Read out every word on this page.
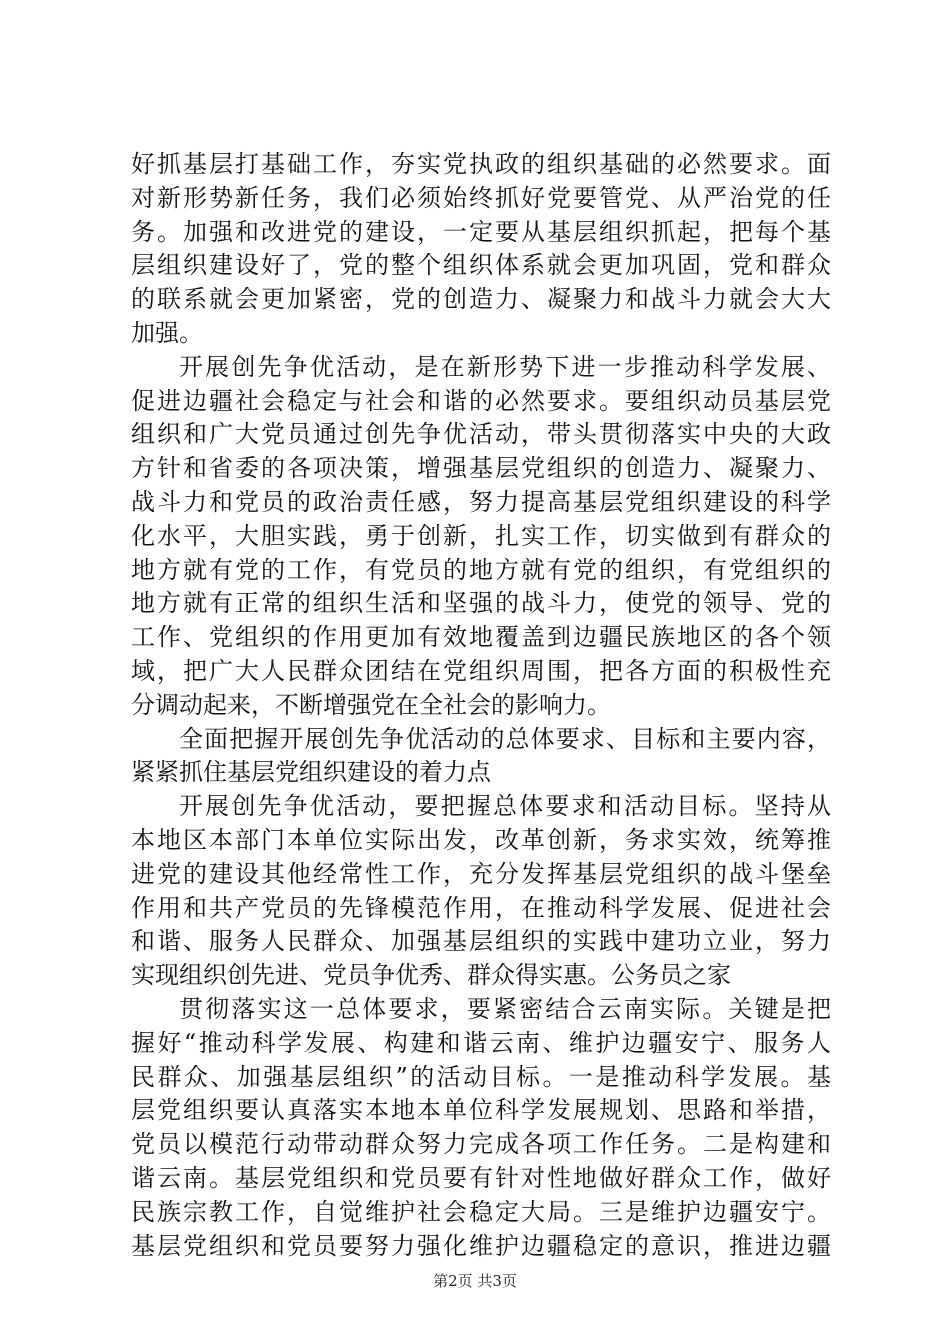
好抓基层打基础工作，夯实党执政的组织基础的必然要求。面
对新形势新任务，我们必须始终抓好党要管党、从严治党的任
务。加强和改进党的建设，一定要从基层组织抓起，把每个基
层组织建设好了，党的整个组织体系就会更加巩固，党和群众
的联系就会更加紧密，党的创造力、凝聚力和战斗力就会大大
加强。
开展创先争优活动，是在新形势下进一步推动科学发展、
促进边疆社会稳定与社会和谐的必然要求。要组织动员基层党
组织和广大党员通过创先争优活动，带头贯彻落实中央的大政
方针和省委的各项决策，增强基层党组织的创造力、凝聚力、
战斗力和党员的政治责任感，努力提高基层党组织建设的科学
化水平，大胆实践，勇于创新，扎实工作，切实做到有群众的
地方就有党的工作，有党员的地方就有党的组织，有党组织的
地方就有正常的组织生活和坚强的战斗力，使党的领导、党的
工作、党组织的作用更加有效地覆盖到边疆民族地区的各个领
域，把广大人民群众团结在党组织周围，把各方面的积极性充
分调动起来，不断增强党在全社会的影响力。
全面把握开展创先争优活动的总体要求、目标和主要内容，
紧紧抓住基层党组织建设的着力点
开展创先争优活动，要把握总体要求和活动目标。坚持从
本地区本部门本单位实际出发，改革创新，务求实效，统筹推
进党的建设其他经常性工作，充分发挥基层党组织的战斗堡垒
作用和共产党员的先锋模范作用，在推动科学发展、促进社会
和谐、服务人民群众、加强基层组织的实践中建功立业，努力
实现组织创先进、党员争优秀、群众得实惠。公务员之家
贯彻落实这一总体要求，要紧密结合云南实际。关键是把
握好“推动科学发展、构建和谐云南、维护边疆安宁、服务人
民群众、加强基层组织”的活动目标。一是推动科学发展。基
层党组织要认真落实本地本单位科学发展规划、思路和举措，
党员以模范行动带动群众努力完成各项工作任务。二是构建和
谐云南。基层党组织和党员要有针对性地做好群众工作，做好
民族宗教工作，自觉维护社会稳定大局。三是维护边疆安宁。
基层党组织和党员要努力强化维护边疆稳定的意识，推进边疆
第2页 共3页
